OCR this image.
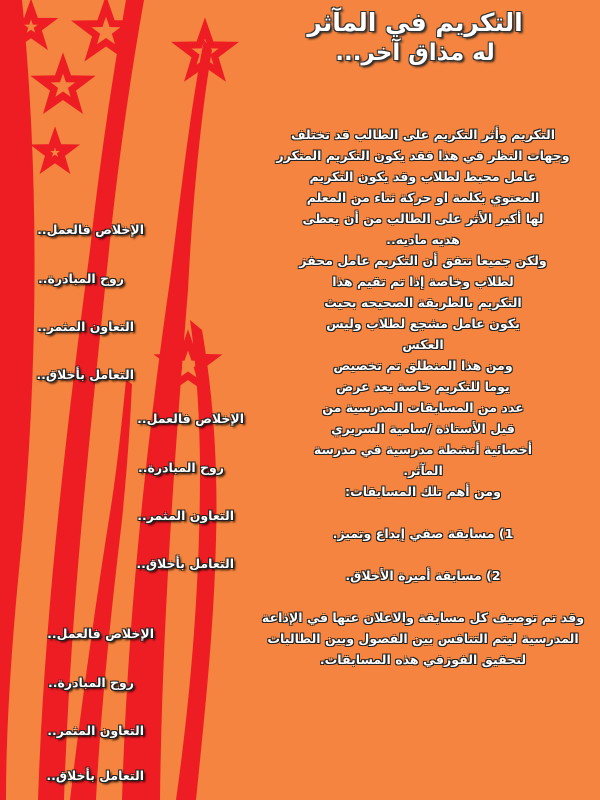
التكريم في المآثر
له مذاق آخر...
التكريم وأثر التكريم على الطالب قد تختلف
وجهات النظر في هذا فقد يكون التكريم المتكرر
عامل محبط لطلاب وقد يكون التكريم
المعنوي بكلمة او حركة ثناء من المعلم
لها أكبر الأثر على الطالب من أن يعطى
هديه ماديه..
ولكن جميعا نتفق أن التكريم عامل محفز
لطلاب وخاصة إذا تم تقيم هذا
التكريم بالطريقة الصحيحه بحيث
يكون عامل مشجع لطلاب وليس
العكس
ومن هذا المنطلق تم تخصيص
يوما للتكريم خاصة بعد عرض
عدد من المسابقات المدرسية من
قبل الأستاذة /سامية السريري
أخصائية أنشطة مدرسية في مدرسة
المآثر.
ومن أهم تلك المسابقات:
1) مسابقة صفي إبداع وتميز.
2) مسابقة أميرة الأخلاق.
وقد تم توصيف كل مسابقة والاعلان عنها في الإذاعة
المدرسية ليتم التنافس بين الفصول وبين الطالبات
لتحقيق الفوزفي هذه المسابقات.
الإخلاص فالعمل..
روح المبادرة..
التعاون المثمر..
التعامل بأخلاق..
الإخلاص فالعمل..
روح المبادرة..
التعاون المثمر..
التعامل بأخلاق..
الإخلاص فالعمل..
روح المبادرة..
التعاون المثمر..
التعامل بأخلاق..
